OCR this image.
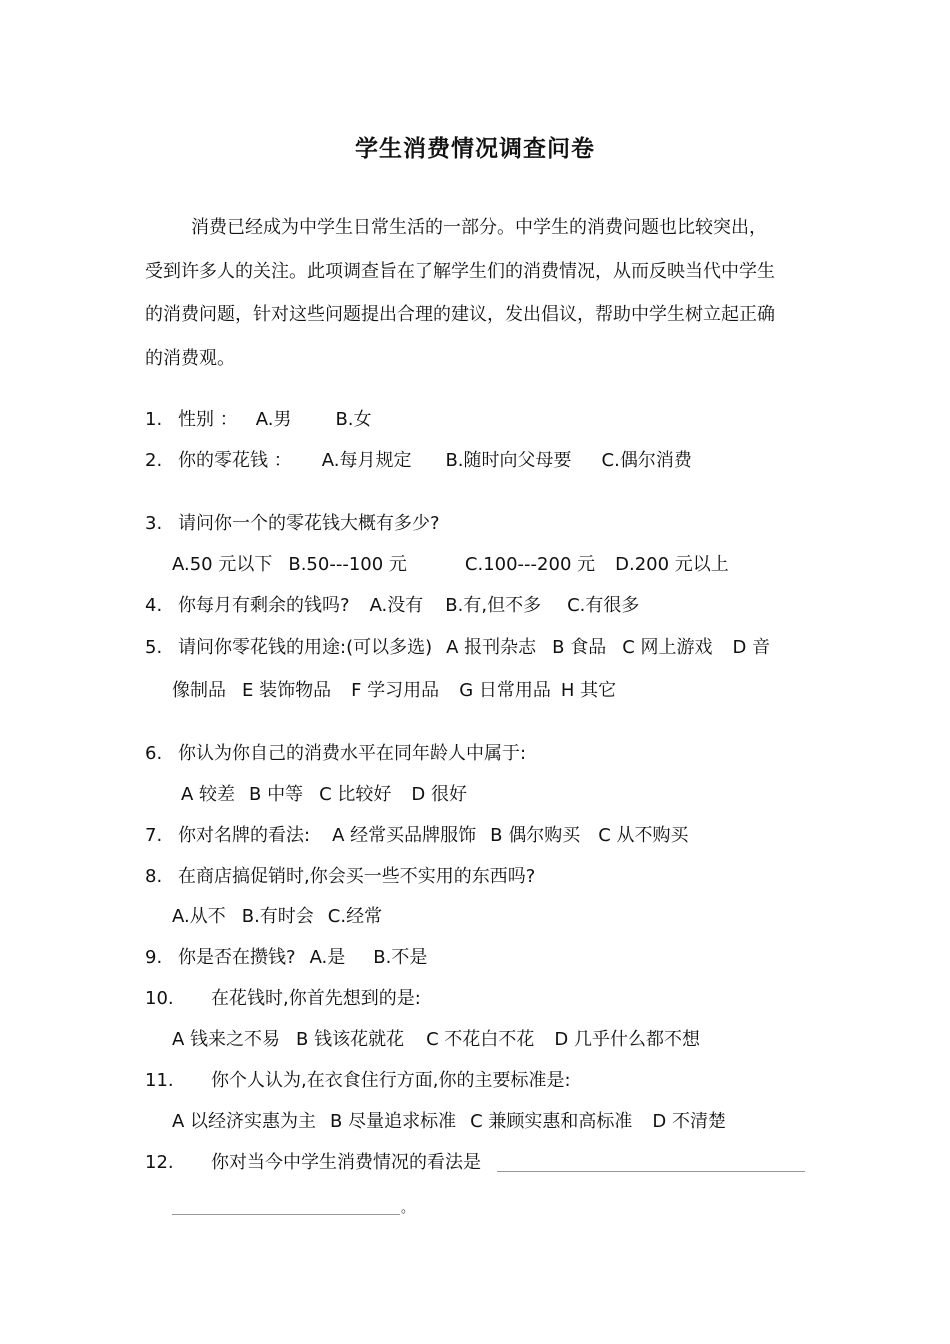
学生消费情况调查问卷
消费已经成为中学生日常生活的一部分。中学生的消费问题也比较突出，
受到许多人的关注。此项调查旨在了解学生们的消费情况，从而反映当代中学生
的消费问题，针对这些问题提出合理的建议，发出倡议，帮助中学生树立起正确
的消费观。
1. 性别 ： A.男 B.女
2. 你的零花钱 ： A.每月规定 B.随时向父母要 C.偶尔消费
3. 请问你一个的零花钱大概有多少?
A.50 元以下 B.50---100 元	C.100---200 元 D.200 元以上
4. 你每月有剩余的钱吗? A.没有 B.有,但不多 C.有很多
5. 请问你零花钱的用途:(可以多选) A 报刊杂志 B 食品 C 网上游戏 D 音
像制品 E 装饰物品 F 学习用品 G 日常用品 H 其它
6. 你认为你自己的消费水平在同年龄人中属于:
A 较差 B 中等 C 比较好 D 很好
7. 你对名牌的看法: A 经常买品牌服饰 B 偶尔购买 C 从不购买
8. 在商店搞促销时,你会买一些不实用的东西吗?
A.从不 B.有时会 C.经常
9. 你是否在攒钱? A.是 B.不是
10. 在花钱时,你首先想到的是:
A 钱来之不易 B 钱该花就花 C 不花白不花 D 几乎什么都不想
11. 你个人认为,在衣食住行方面,你的主要标准是:
A 以经济实惠为主 B 尽量追求标准 C 兼顾实惠和高标准 D 不清楚
12. 你对当今中学生消费情况的看法是
。
